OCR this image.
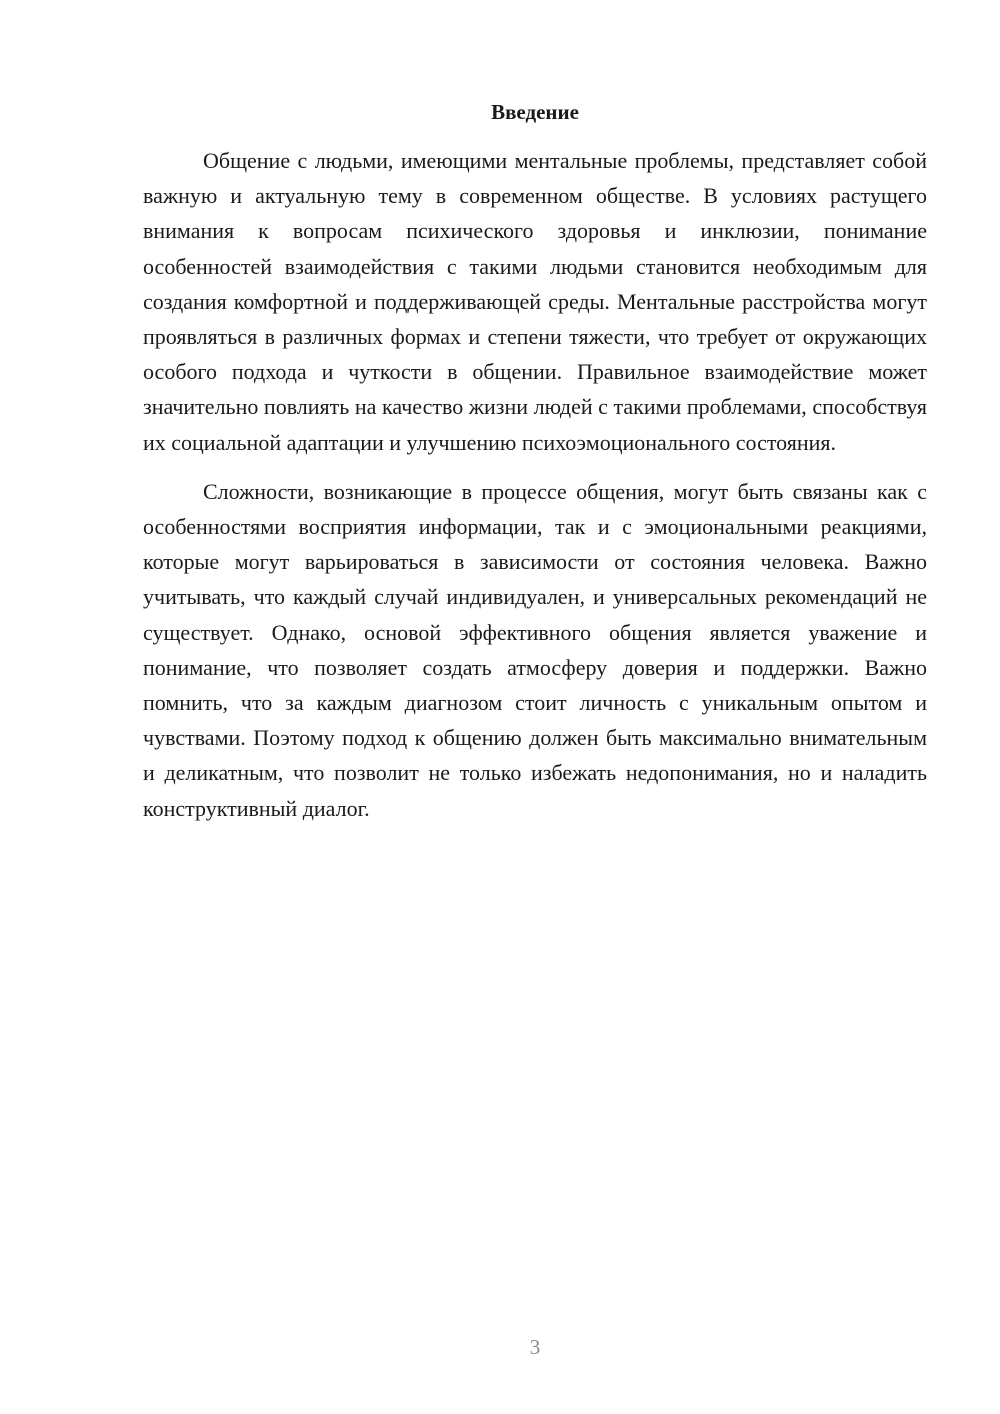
Введение

Общение с людьми, имеющими ментальные проблемы, представляет собой важную и актуальную тему в современном обществе. В условиях растущего внимания к вопросам психического здоровья и инклюзии, понимание особенностей взаимодействия с такими людьми становится необходимым для создания комфортной и поддерживающей среды. Ментальные расстройства могут проявляться в различных формах и степени тяжести, что требует от окружающих особого подхода и чуткости в общении. Правильное взаимодействие может значительно повлиять на качество жизни людей с такими проблемами, способствуя их социальной адаптации и улучшению психоэмоционального состояния.

Сложности, возникающие в процессе общения, могут быть связаны как с особенностями восприятия информации, так и с эмоциональными реакциями, которые могут варьироваться в зависимости от состояния человека. Важно учитывать, что каждый случай индивидуален, и универсальных рекомендаций не существует. Однако, основой эффективного общения является уважение и понимание, что позволяет создать атмосферу доверия и поддержки. Важно помнить, что за каждым диагнозом стоит личность с уникальным опытом и чувствами. Поэтому подход к общению должен быть максимально внимательным и деликатным, что позволит не только избежать недопонимания, но и наладить конструктивный диалог.

3
